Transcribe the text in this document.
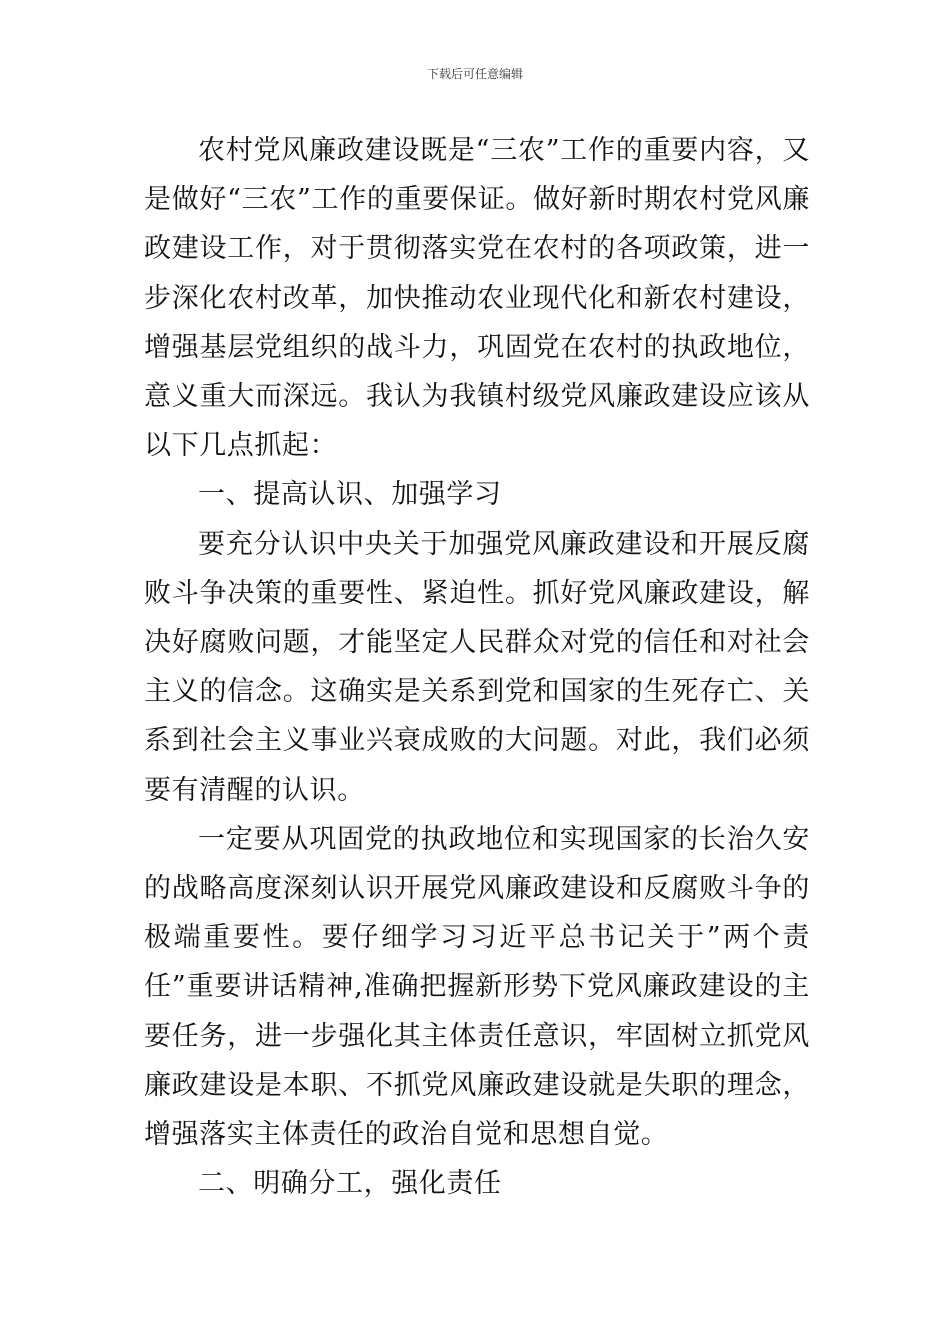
下载后可任意编辑

农村党风廉政建设既是“三农”工作的重要内容，又是做好“三农”工作的重要保证。做好新时期农村党风廉政建设工作，对于贯彻落实党在农村的各项政策，进一步深化农村改革，加快推动农业现代化和新农村建设，增强基层党组织的战斗力，巩固党在农村的执政地位，意义重大而深远。我认为我镇村级党风廉政建设应该从以下几点抓起：

一、提高认识、加强学习

要充分认识中央关于加强党风廉政建设和开展反腐败斗争决策的重要性、紧迫性。抓好党风廉政建设，解决好腐败问题，才能坚定人民群众对党的信任和对社会主义的信念。这确实是关系到党和国家的生死存亡、关系到社会主义事业兴衰成败的大问题。对此，我们必须要有清醒的认识。

一定要从巩固党的执政地位和实现国家的长治久安的战略高度深刻认识开展党风廉政建设和反腐败斗争的极端重要性。要仔细学习习近平总书记关于”两个责任”重要讲话精神,准确把握新形势下党风廉政建设的主要任务，进一步强化其主体责任意识，牢固树立抓党风廉政建设是本职、不抓党风廉政建设就是失职的理念，增强落实主体责任的政治自觉和思想自觉。

二、明确分工，强化责任
